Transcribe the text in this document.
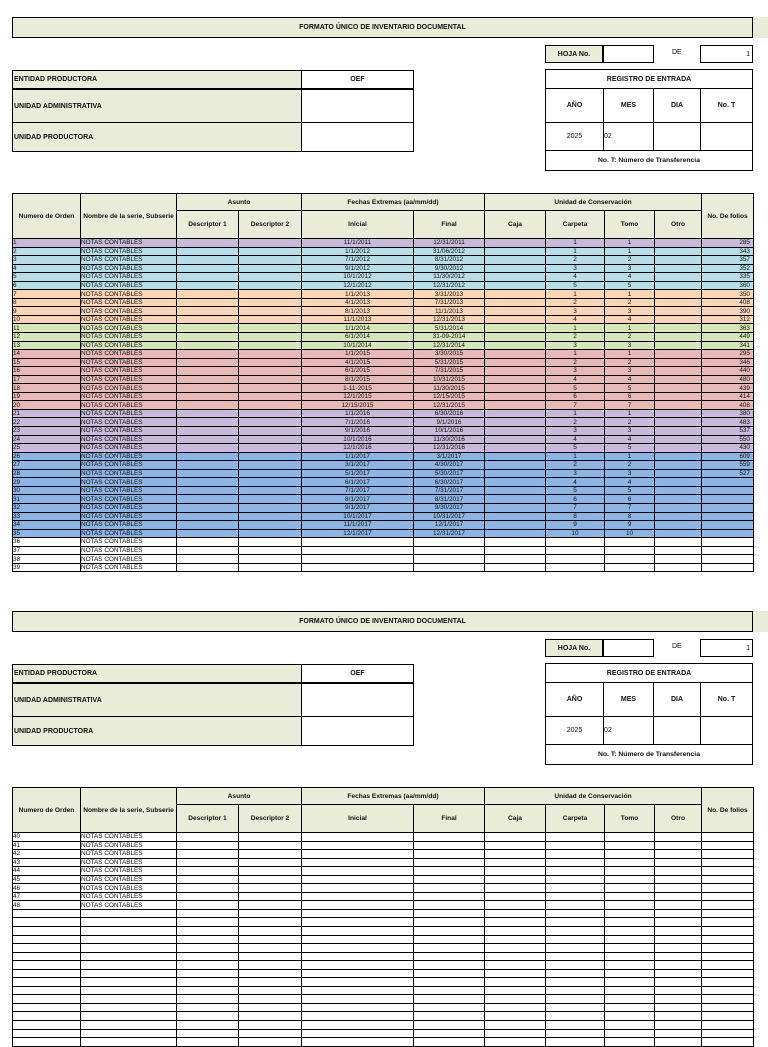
FORMATO ÚNICO DE INVENTARIO DOCUMENTAL
HOJA No.	DE	1
ENTIDAD PRODUCTORA	OEF
UNIDAD ADMINISTRATIVA
UNIDAD PRODUCTORA
REGISTRO DE ENTRADA
AÑO	MES	DIA	No. T
2025	02
No. T: Número de Transferencia
Numero de Orden	Nombre de la serie, Subserie	Asunto		Fechas Extremas (aa/mm/dd)		Unidad de Conservación				No. De folios
		Descriptor 1	Descriptor 2	Inicial	Final	Caja	Carpeta	Tomo	Otro	
1	NOTAS CONTABLES			11/1/2011	12/31/2011		1	1		285
2	NOTAS CONTABLES			1/1/2012	31/06/2012		1	1		343
3	NOTAS CONTABLES			7/1/2012	8/31/2012		2	2		357
4	NOTAS CONTABLES			9/1/2012	9/30/2012		3	3		352
5	NOTAS CONTABLES			10/1/2012	11/30/2012		4	4		335
6	NOTAS CONTABLES			12/1/2012	12/31/2012		5	5		360
7	NOTAS CONTABLES			1/1/2013	3/31/2013		1	1		350
8	NOTAS CONTABLES			4/1/2013	7/31/2013		2	2		408
9	NOTAS CONTABLES			8/1/2013	11/1/2013		3	3		390
10	NOTAS CONTABLES			11/1/2013	12/31/2013		4	4		312
11	NOTAS CONTABLES			1/1/2014	5/31/2014		1	1		363
12	NOTAS CONTABLES			6/1/2014	31-09-2014		2	2		449
13	NOTAS CONTABLES			10/1/2014	12/31/2014		3	3		341
14	NOTAS CONTABLES			1/1/2015	3/30/2015		1	1		295
15	NOTAS CONTABLES			4/1/2015	5/31/2015		2	2		346
16	NOTAS CONTABLES			6/1/2015	7/31/2015		3	3		440
17	NOTAS CONTABLES			8/1/2015	10/31/2015		4	4		480
18	NOTAS CONTABLES			1-11-2015	11/30/2015		5	5		439
19	NOTAS CONTABLES			12/1/2015	12/15/2015		6	6		414
20	NOTAS CONTABLES			12/15/2015	12/31/2015		7	7		408
21	NOTAS CONTABLES			1/1/2016	6/30/2016		1	1		380
22	NOTAS CONTABLES			7/1/2016	9/1/2016		2	2		483
23	NOTAS CONTABLES			9/1/2016	10/1/2016		3	3		537
24	NOTAS CONTABLES			10/1/2016	11/30/2016		4	4		550
25	NOTAS CONTABLES			12/1/2016	12/31/2016		5	5		430
26	NOTAS CONTABLES			1/1/2017	3/1/2017		1	1		609
27	NOTAS CONTABLES			3/1/2017	4/30/2017		2	2		559
28	NOTAS CONTABLES			5/1/2017	5/30/2017		3	3		527
29	NOTAS CONTABLES			6/1/2017	6/30/2017		4	4		
30	NOTAS CONTABLES			7/1/2017	7/31/2017		5	5		
31	NOTAS CONTABLES			8/1/2017	8/31/2017		6	6		
32	NOTAS CONTABLES			9/1/2017	9/30/2017		7	7		
33	NOTAS CONTABLES			10/1/2017	10/31/2017		8	8		
34	NOTAS CONTABLES			11/1/2017	12/1/2017		9	9		
35	NOTAS CONTABLES			12/1/2017	12/31/2017		10	10		
36	NOTAS CONTABLES									
37	NOTAS CONTABLES									
38	NOTAS CONTABLES									
39	NOTAS CONTABLES									
FORMATO ÚNICO DE INVENTARIO DOCUMENTAL
HOJA No.	DE	1
ENTIDAD PRODUCTORA	OEF
UNIDAD ADMINISTRATIVA
UNIDAD PRODUCTORA
REGISTRO DE ENTRADA
AÑO	MES	DIA	No. T
2025	02
No. T: Número de Transferencia
Numero de Orden	Nombre de la serie, Subserie	Asunto		Fechas Extremas (aa/mm/dd)		Unidad de Conservación				No. De folios
		Descriptor 1	Descriptor 2	Inicial	Final	Caja	Carpeta	Tomo	Otro	
40	NOTAS CONTABLES									
41	NOTAS CONTABLES									
42	NOTAS CONTABLES									
43	NOTAS CONTABLES									
44	NOTAS CONTABLES									
45	NOTAS CONTABLES									
46	NOTAS CONTABLES									
47	NOTAS CONTABLES									
48	NOTAS CONTABLES									
